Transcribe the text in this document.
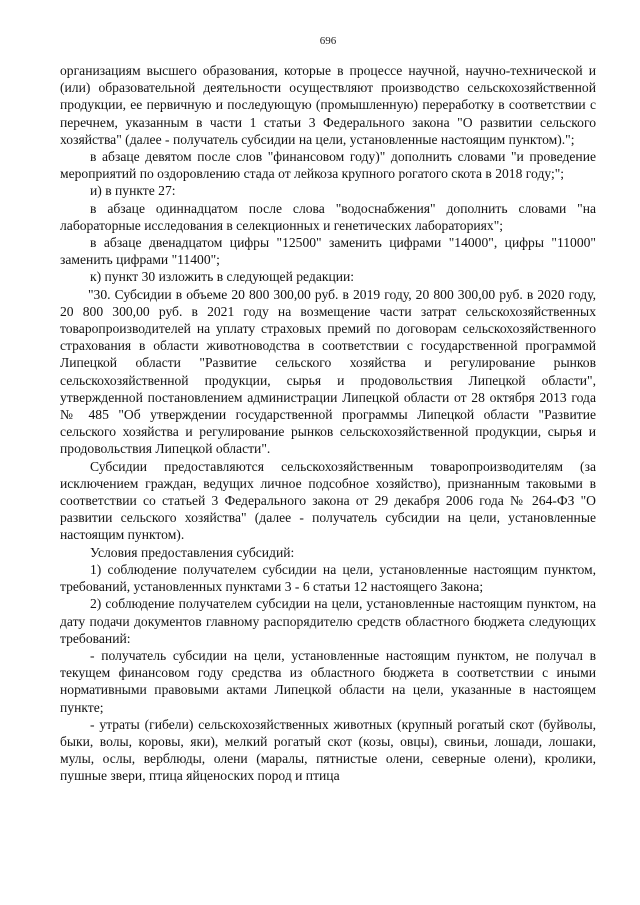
696

организациям высшего образования, которые в процессе научной, научно-технической и (или) образовательной деятельности осуществляют производство сельскохозяйственной продукции, ее первичную и последующую (промышленную) переработку в соответствии с перечнем, указанным в части 1 статьи 3 Федерального закона "О развитии сельского хозяйства" (далее - получатель субсидии на цели, установленные настоящим пунктом).";

в абзаце девятом после слов "финансовом году)" дополнить словами "и проведение мероприятий по оздоровлению стада от лейкоза крупного рогатого скота в 2018 году;";

и) в пункте 27:

в абзаце одиннадцатом после слова "водоснабжения" дополнить словами "на лабораторные исследования в селекционных и генетических лабораториях";

в абзаце двенадцатом цифры "12500" заменить цифрами "14000", цифры "11000" заменить цифрами "11400";

к) пункт 30 изложить в следующей редакции:

"30. Субсидии в объеме 20 800 300,00 руб. в 2019 году, 20 800 300,00 руб. в 2020 году, 20 800 300,00 руб. в 2021 году на возмещение части затрат сельскохозяйственных товаропроизводителей на уплату страховых премий по договорам сельскохозяйственного страхования в области животноводства в соответствии с государственной программой Липецкой области "Развитие сельского хозяйства и регулирование рынков сельскохозяйственной продукции, сырья и продовольствия Липецкой области", утвержденной постановлением администрации Липецкой области от 28 октября 2013 года № 485 "Об утверждении государственной программы Липецкой области "Развитие сельского хозяйства и регулирование рынков сельскохозяйственной продукции, сырья и продовольствия Липецкой области".

Субсидии предоставляются сельскохозяйственным товаропроизводителям (за исключением граждан, ведущих личное подсобное хозяйство), признанным таковыми в соответствии со статьей 3 Федерального закона от 29 декабря 2006 года № 264-ФЗ "О развитии сельского хозяйства" (далее - получатель субсидии на цели, установленные настоящим пунктом).

Условия предоставления субсидий:

1) соблюдение получателем субсидии на цели, установленные настоящим пунктом, требований, установленных пунктами 3 - 6 статьи 12 настоящего Закона;

2) соблюдение получателем субсидии на цели, установленные настоящим пунктом, на дату подачи документов главному распорядителю средств областного бюджета следующих требований:

- получатель субсидии на цели, установленные настоящим пунктом, не получал в текущем финансовом году средства из областного бюджета в соответствии с иными нормативными правовыми актами Липецкой области на цели, указанные в настоящем пункте;

- утраты (гибели) сельскохозяйственных животных (крупный рогатый скот (буйволы, быки, волы, коровы, яки), мелкий рогатый скот (козы, овцы), свиньи, лошади, лошаки, мулы, ослы, верблюды, олени (маралы, пятнистые олени, северные олени), кролики, пушные звери, птица яйценоских пород и птица
